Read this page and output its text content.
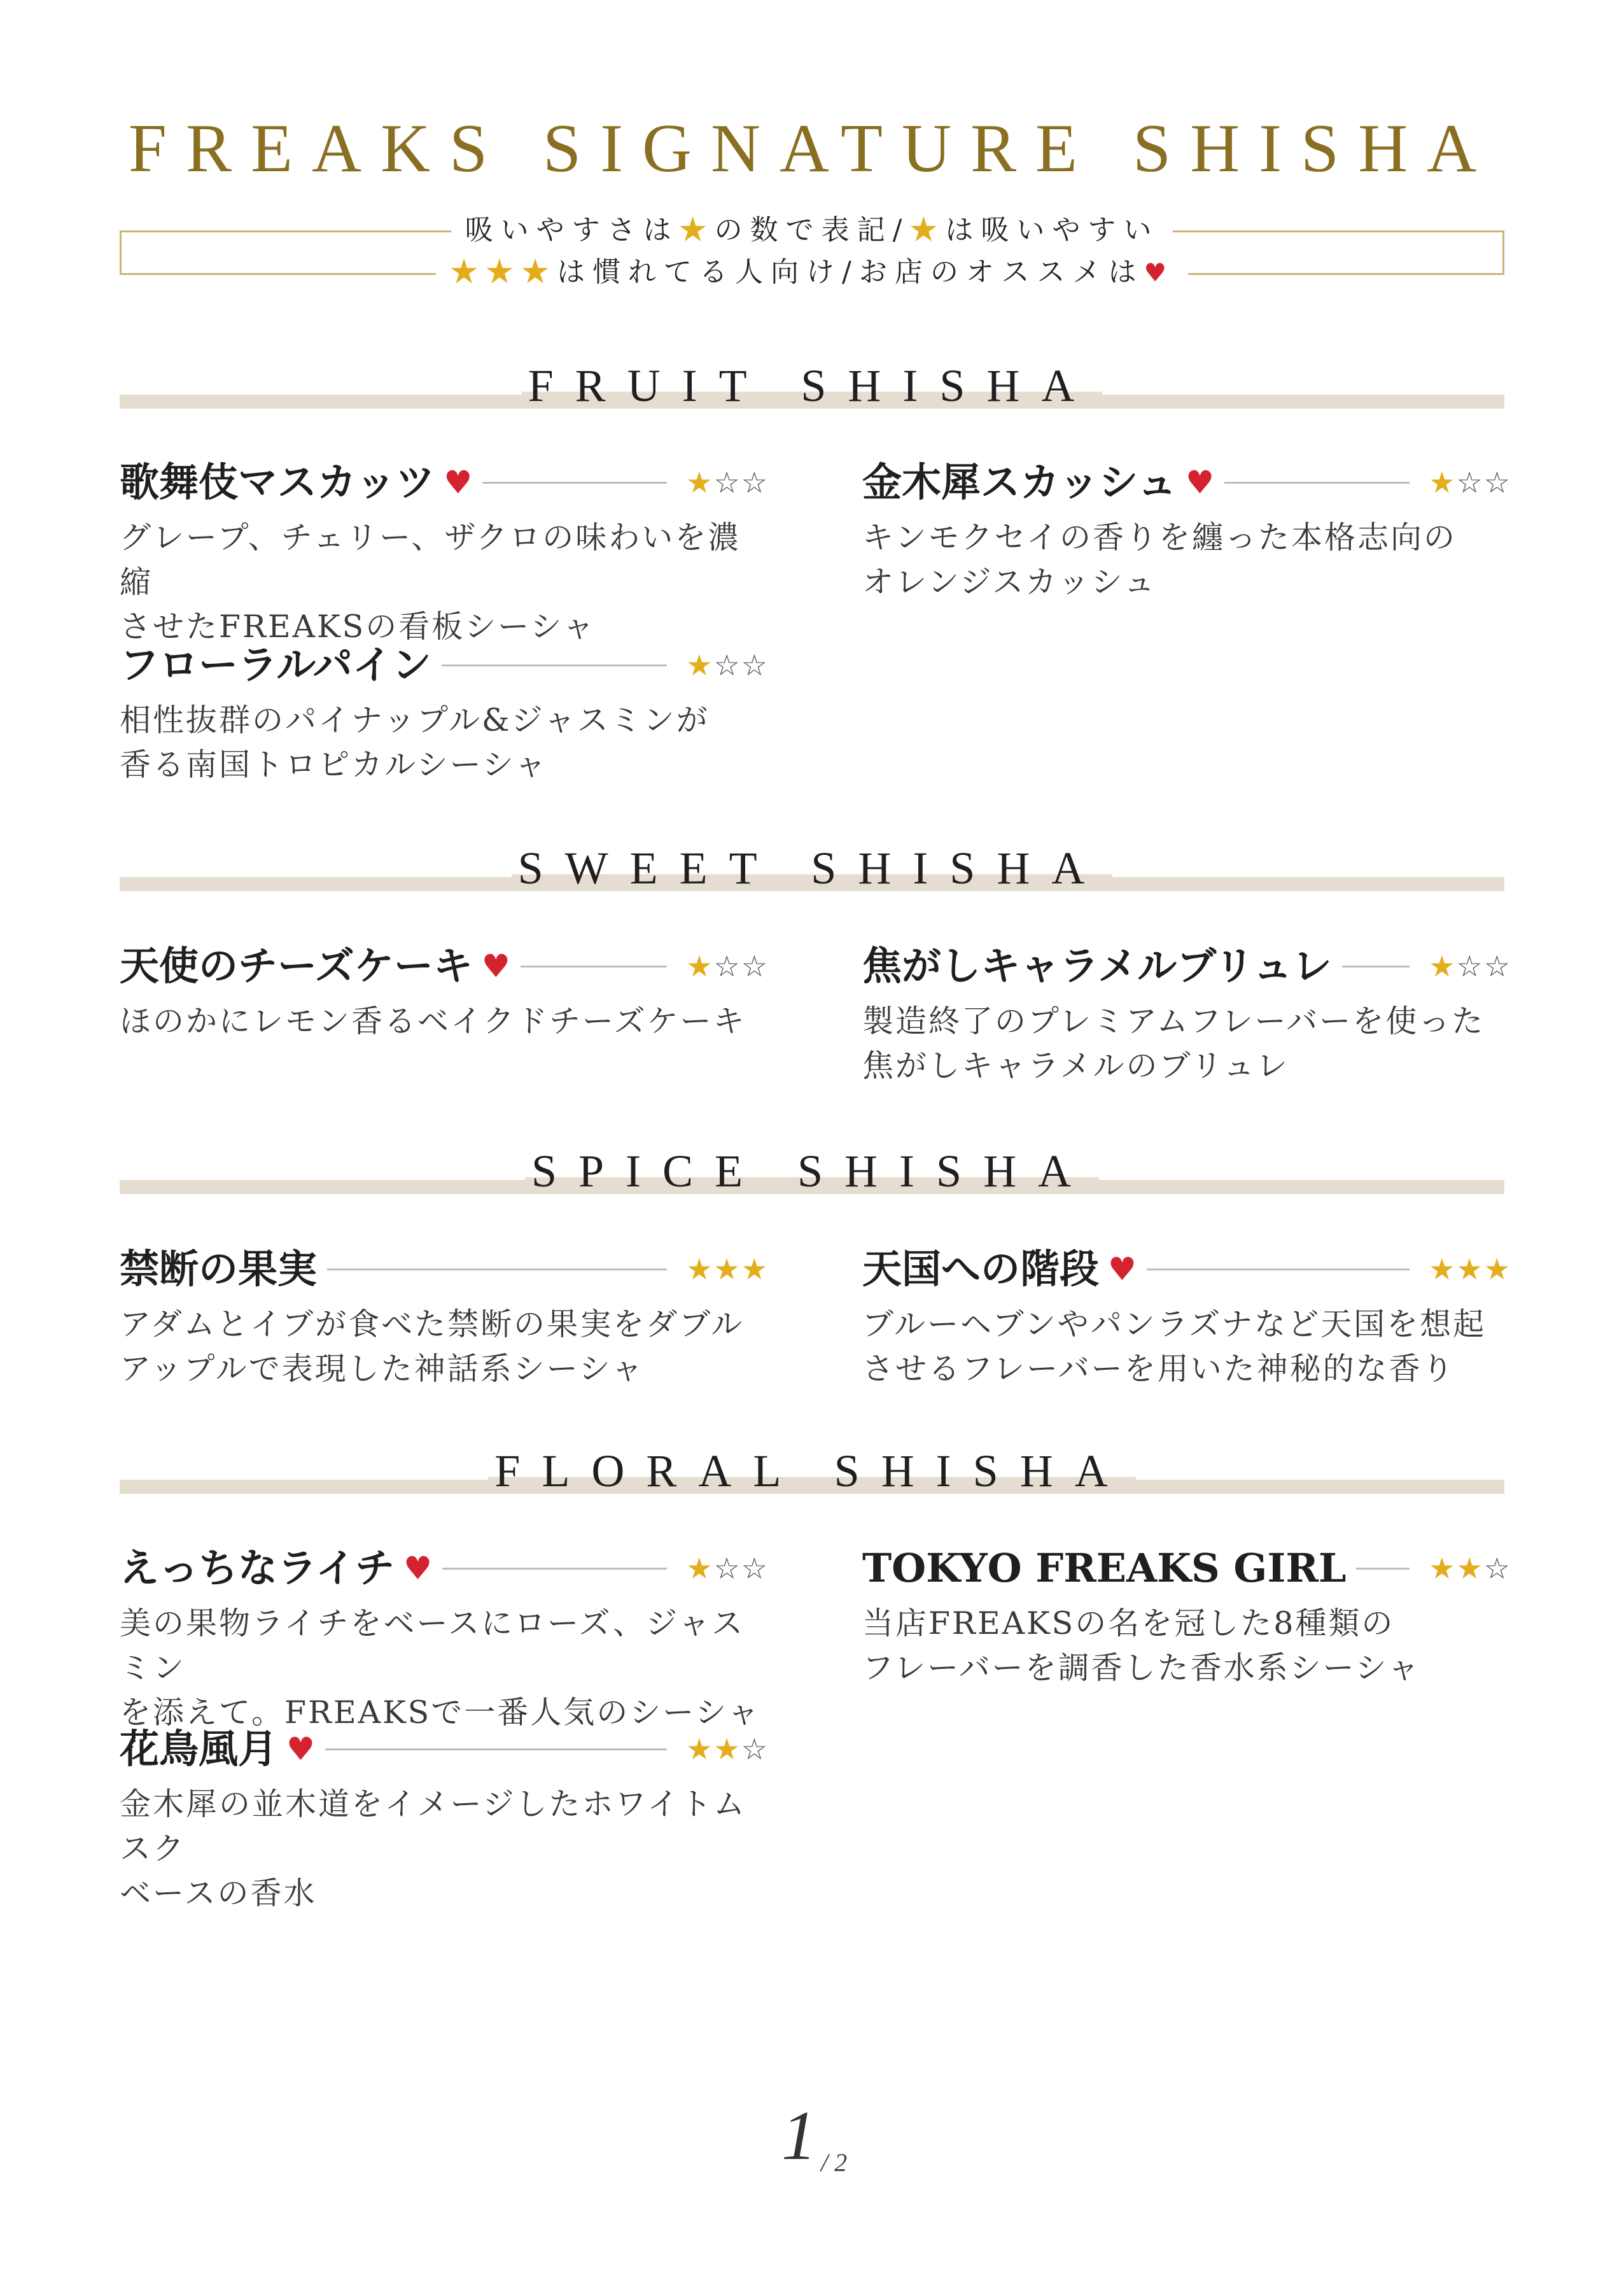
FREAKS SIGNATURE SHISHA
吸いやすさは★の数で表記/★は吸いやすい
★★★は慣れてる人向け/お店のオススメは♥
FRUIT SHISHA
歌舞伎マスカッツ ♥	★☆☆
グレープ、チェリー、ザクロの味わいを濃縮
させたFREAKSの看板シーシャ
金木犀スカッシュ ♥	★☆☆
キンモクセイの香りを纏った本格志向の
オレンジスカッシュ
フローラルパイン	★☆☆
相性抜群のパイナップル&ジャスミンが
香る南国トロピカルシーシャ
SWEET SHISHA
天使のチーズケーキ ♥	★☆☆
ほのかにレモン香るベイクドチーズケーキ
焦がしキャラメルブリュレ	★☆☆
製造終了のプレミアムフレーバーを使った
焦がしキャラメルのブリュレ
SPICE SHISHA
禁断の果実	★★★
アダムとイブが食べた禁断の果実をダブル
アップルで表現した神話系シーシャ
天国への階段 ♥	★★★
ブルーヘブンやパンラズナなど天国を想起
させるフレーバーを用いた神秘的な香り
FLORAL SHISHA
えっちなライチ ♥	★☆☆
美の果物ライチをベースにローズ、ジャスミン
を添えて。FREAKSで一番人気のシーシャ
TOKYO FREAKS GIRL	★★☆
当店FREAKSの名を冠した8種類の
フレーバーを調香した香水系シーシャ
花鳥風月 ♥	★★☆
金木犀の並木道をイメージしたホワイトムスク
ベースの香水
1 / 2
